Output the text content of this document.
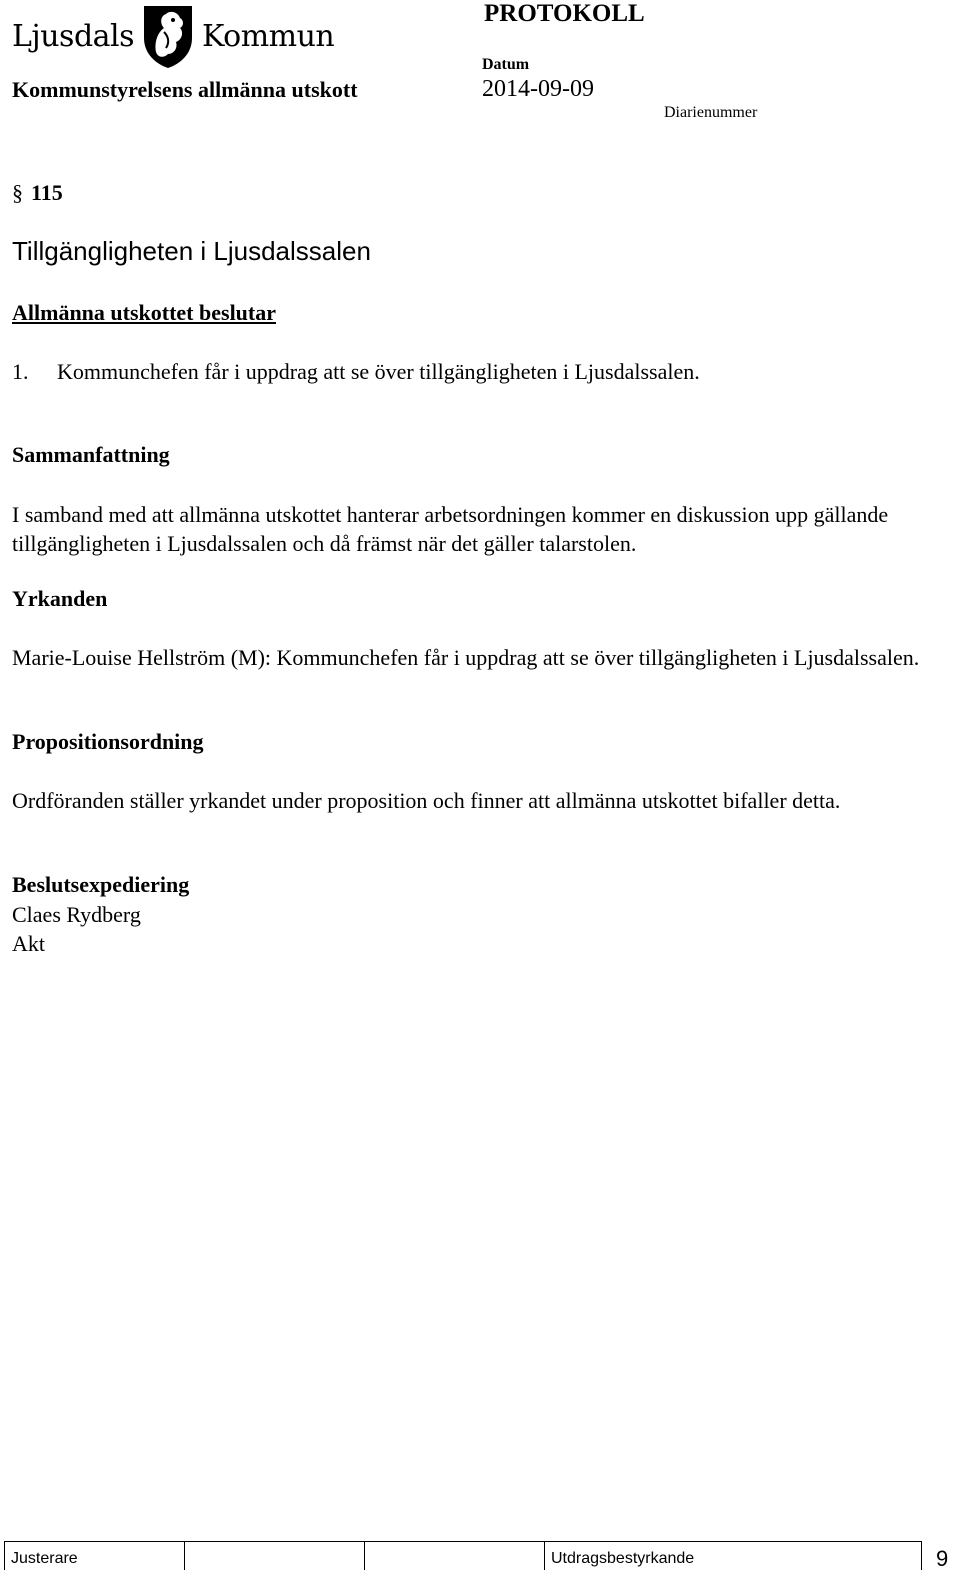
Ljusdals Kommun
PROTOKOLL
Kommunstyrelsens allmänna utskott
Datum
2014-09-09
Diarienummer
§ 115
Tillgängligheten i Ljusdalssalen
Allmänna utskottet beslutar
1. Kommunchefen får i uppdrag att se över tillgängligheten i Ljusdalssalen.
Sammanfattning
I samband med att allmänna utskottet hanterar arbetsordningen kommer en diskussion upp gällande tillgängligheten i Ljusdalssalen och då främst när det gäller talarstolen.
Yrkanden
Marie-Louise Hellström (M): Kommunchefen får i uppdrag att se över tillgängligheten i Ljusdalssalen.
Propositionsordning
Ordföranden ställer yrkandet under proposition och finner att allmänna utskottet bifaller detta.
Beslutsexpediering
Claes Rydberg
Akt
Justerare	Utdragsbestyrkande	9
